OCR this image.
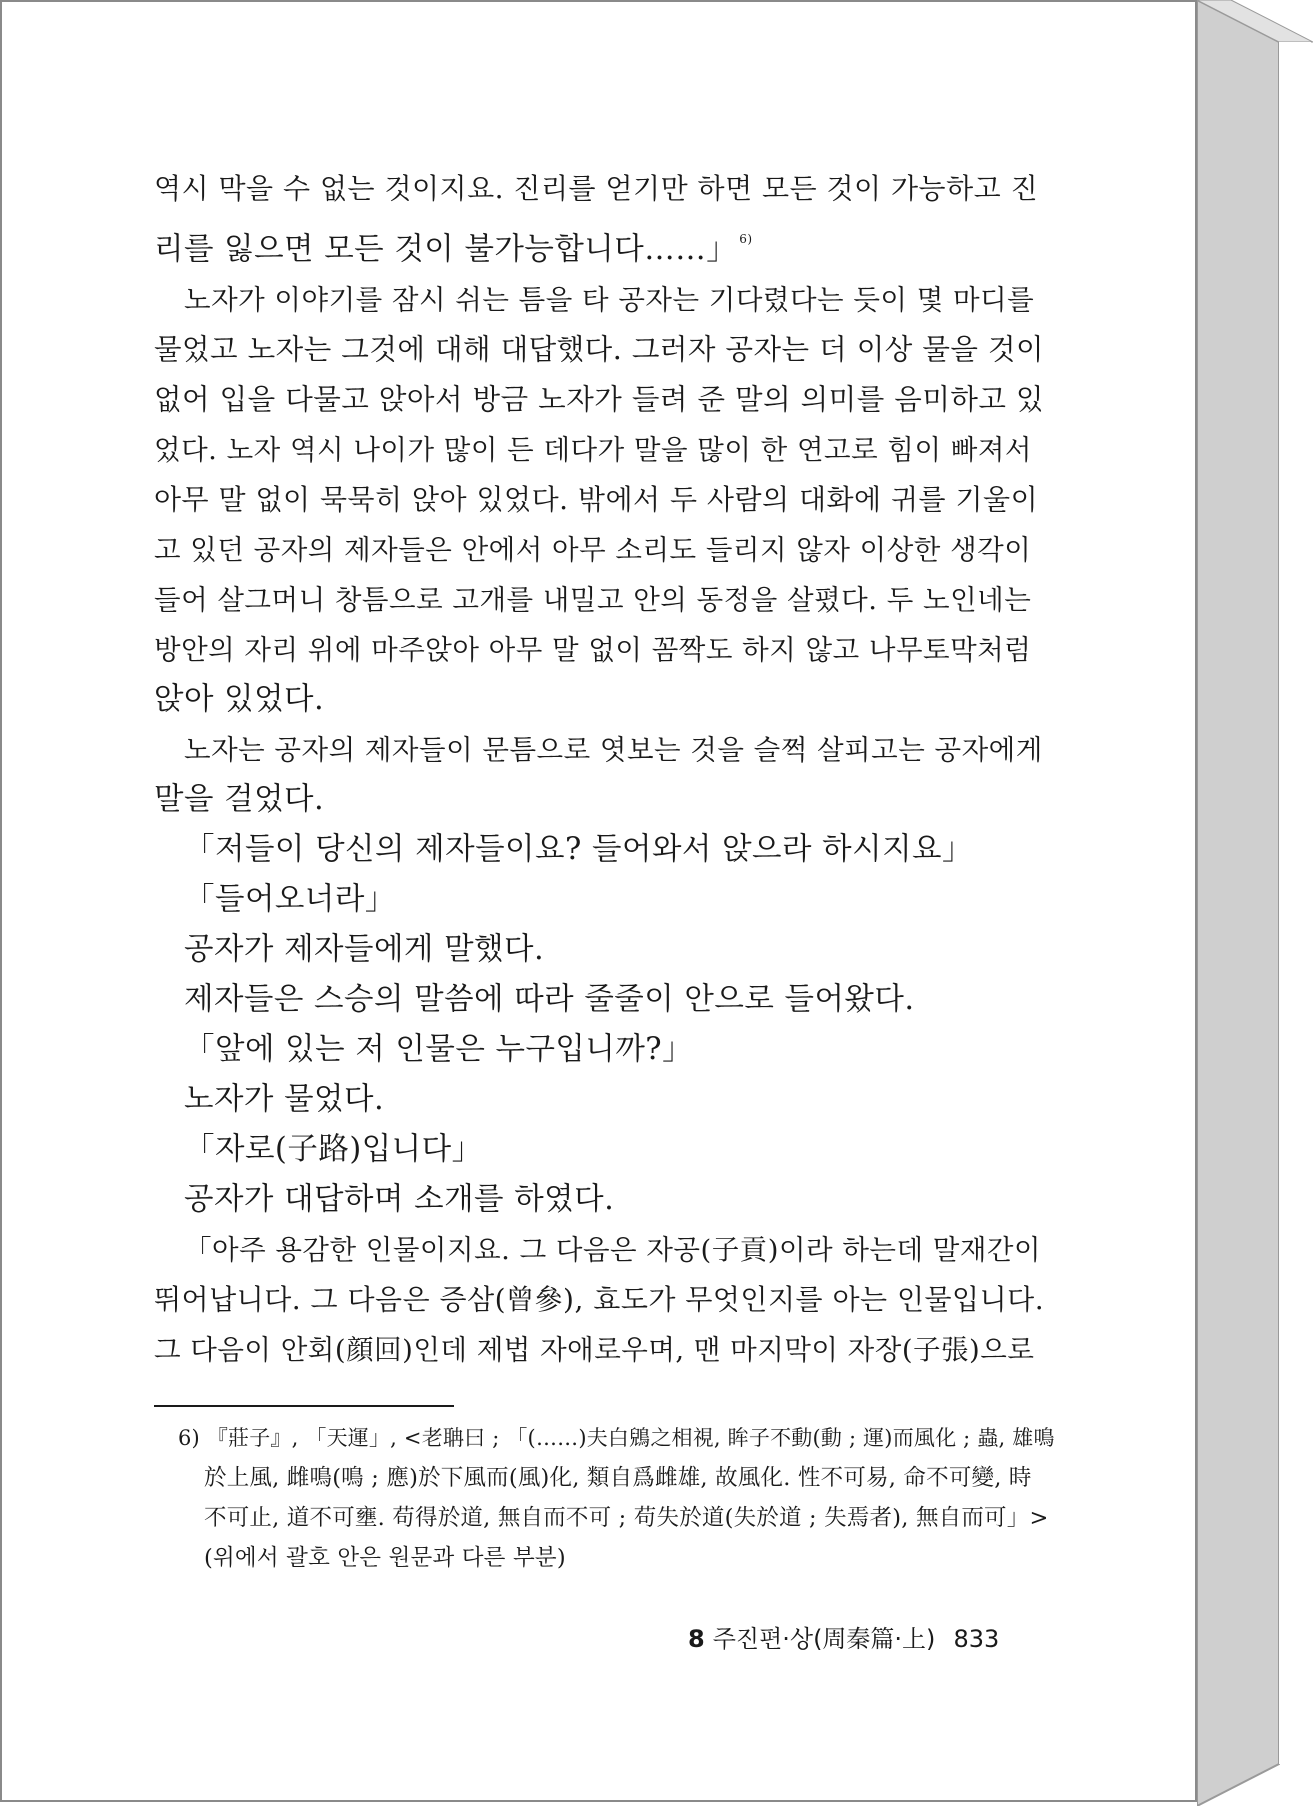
역시 막을 수 없는 것이지요. 진리를 얻기만 하면 모든 것이 가능하고 진
리를 잃으면 모든 것이 불가능합니다……」 $^{6)}$
노자가 이야기를 잠시 쉬는 틈을 타 공자는 기다렸다는 듯이 몇 마디를
물었고 노자는 그것에 대해 대답했다. 그러자 공자는 더 이상 물을 것이
없어 입을 다물고 앉아서 방금 노자가 들려 준 말의 의미를 음미하고 있
었다. 노자 역시 나이가 많이 든 데다가 말을 많이 한 연고로 힘이 빠져서
아무 말 없이 묵묵히 앉아 있었다. 밖에서 두 사람의 대화에 귀를 기울이
고 있던 공자의 제자들은 안에서 아무 소리도 들리지 않자 이상한 생각이
들어 살그머니 창틈으로 고개를 내밀고 안의 동정을 살폈다. 두 노인네는
방안의 자리 위에 마주앉아 아무 말 없이 꼼짝도 하지 않고 나무토막처럼
앉아 있었다.
노자는 공자의 제자들이 문틈으로 엿보는 것을 슬쩍 살피고는 공자에게
말을 걸었다.
「저들이 당신의 제자들이요? 들어와서 앉으라 하시지요」
「들어오너라」
공자가 제자들에게 말했다.
제자들은 스승의 말씀에 따라 줄줄이 안으로 들어왔다.
「앞에 있는 저 인물은 누구입니까?」
노자가 물었다.
「자로(子路)입니다」
공자가 대답하며 소개를 하였다.
「아주 용감한 인물이지요. 그 다음은 자공(子貢)이라 하는데 말재간이
뛰어납니다. 그 다음은 증삼(曾參), 효도가 무엇인지를 아는 인물입니다.
그 다음이 안회(顔回)인데 제법 자애로우며, 맨 마지막이 자장(子張)으로
6) 『莊子』, 「天運」, <老聃曰 ; 「(……)夫白鶂之相視, 眸子不動(動 ; 運)而風化 ; 蟲, 雄鳴
於上風, 雌鳴(鳴 ; 應)於下風而(風)化, 類自爲雌雄, 故風化. 性不可易, 命不可變, 時
不可止, 道不可壅. 苟得於道, 無自而不可 ; 苟失於道(失於道 ; 失焉者), 無自而可」>
(위에서 괄호 안은 원문과 다른 부분)
8 주진편·상(周秦篇·上) 833
